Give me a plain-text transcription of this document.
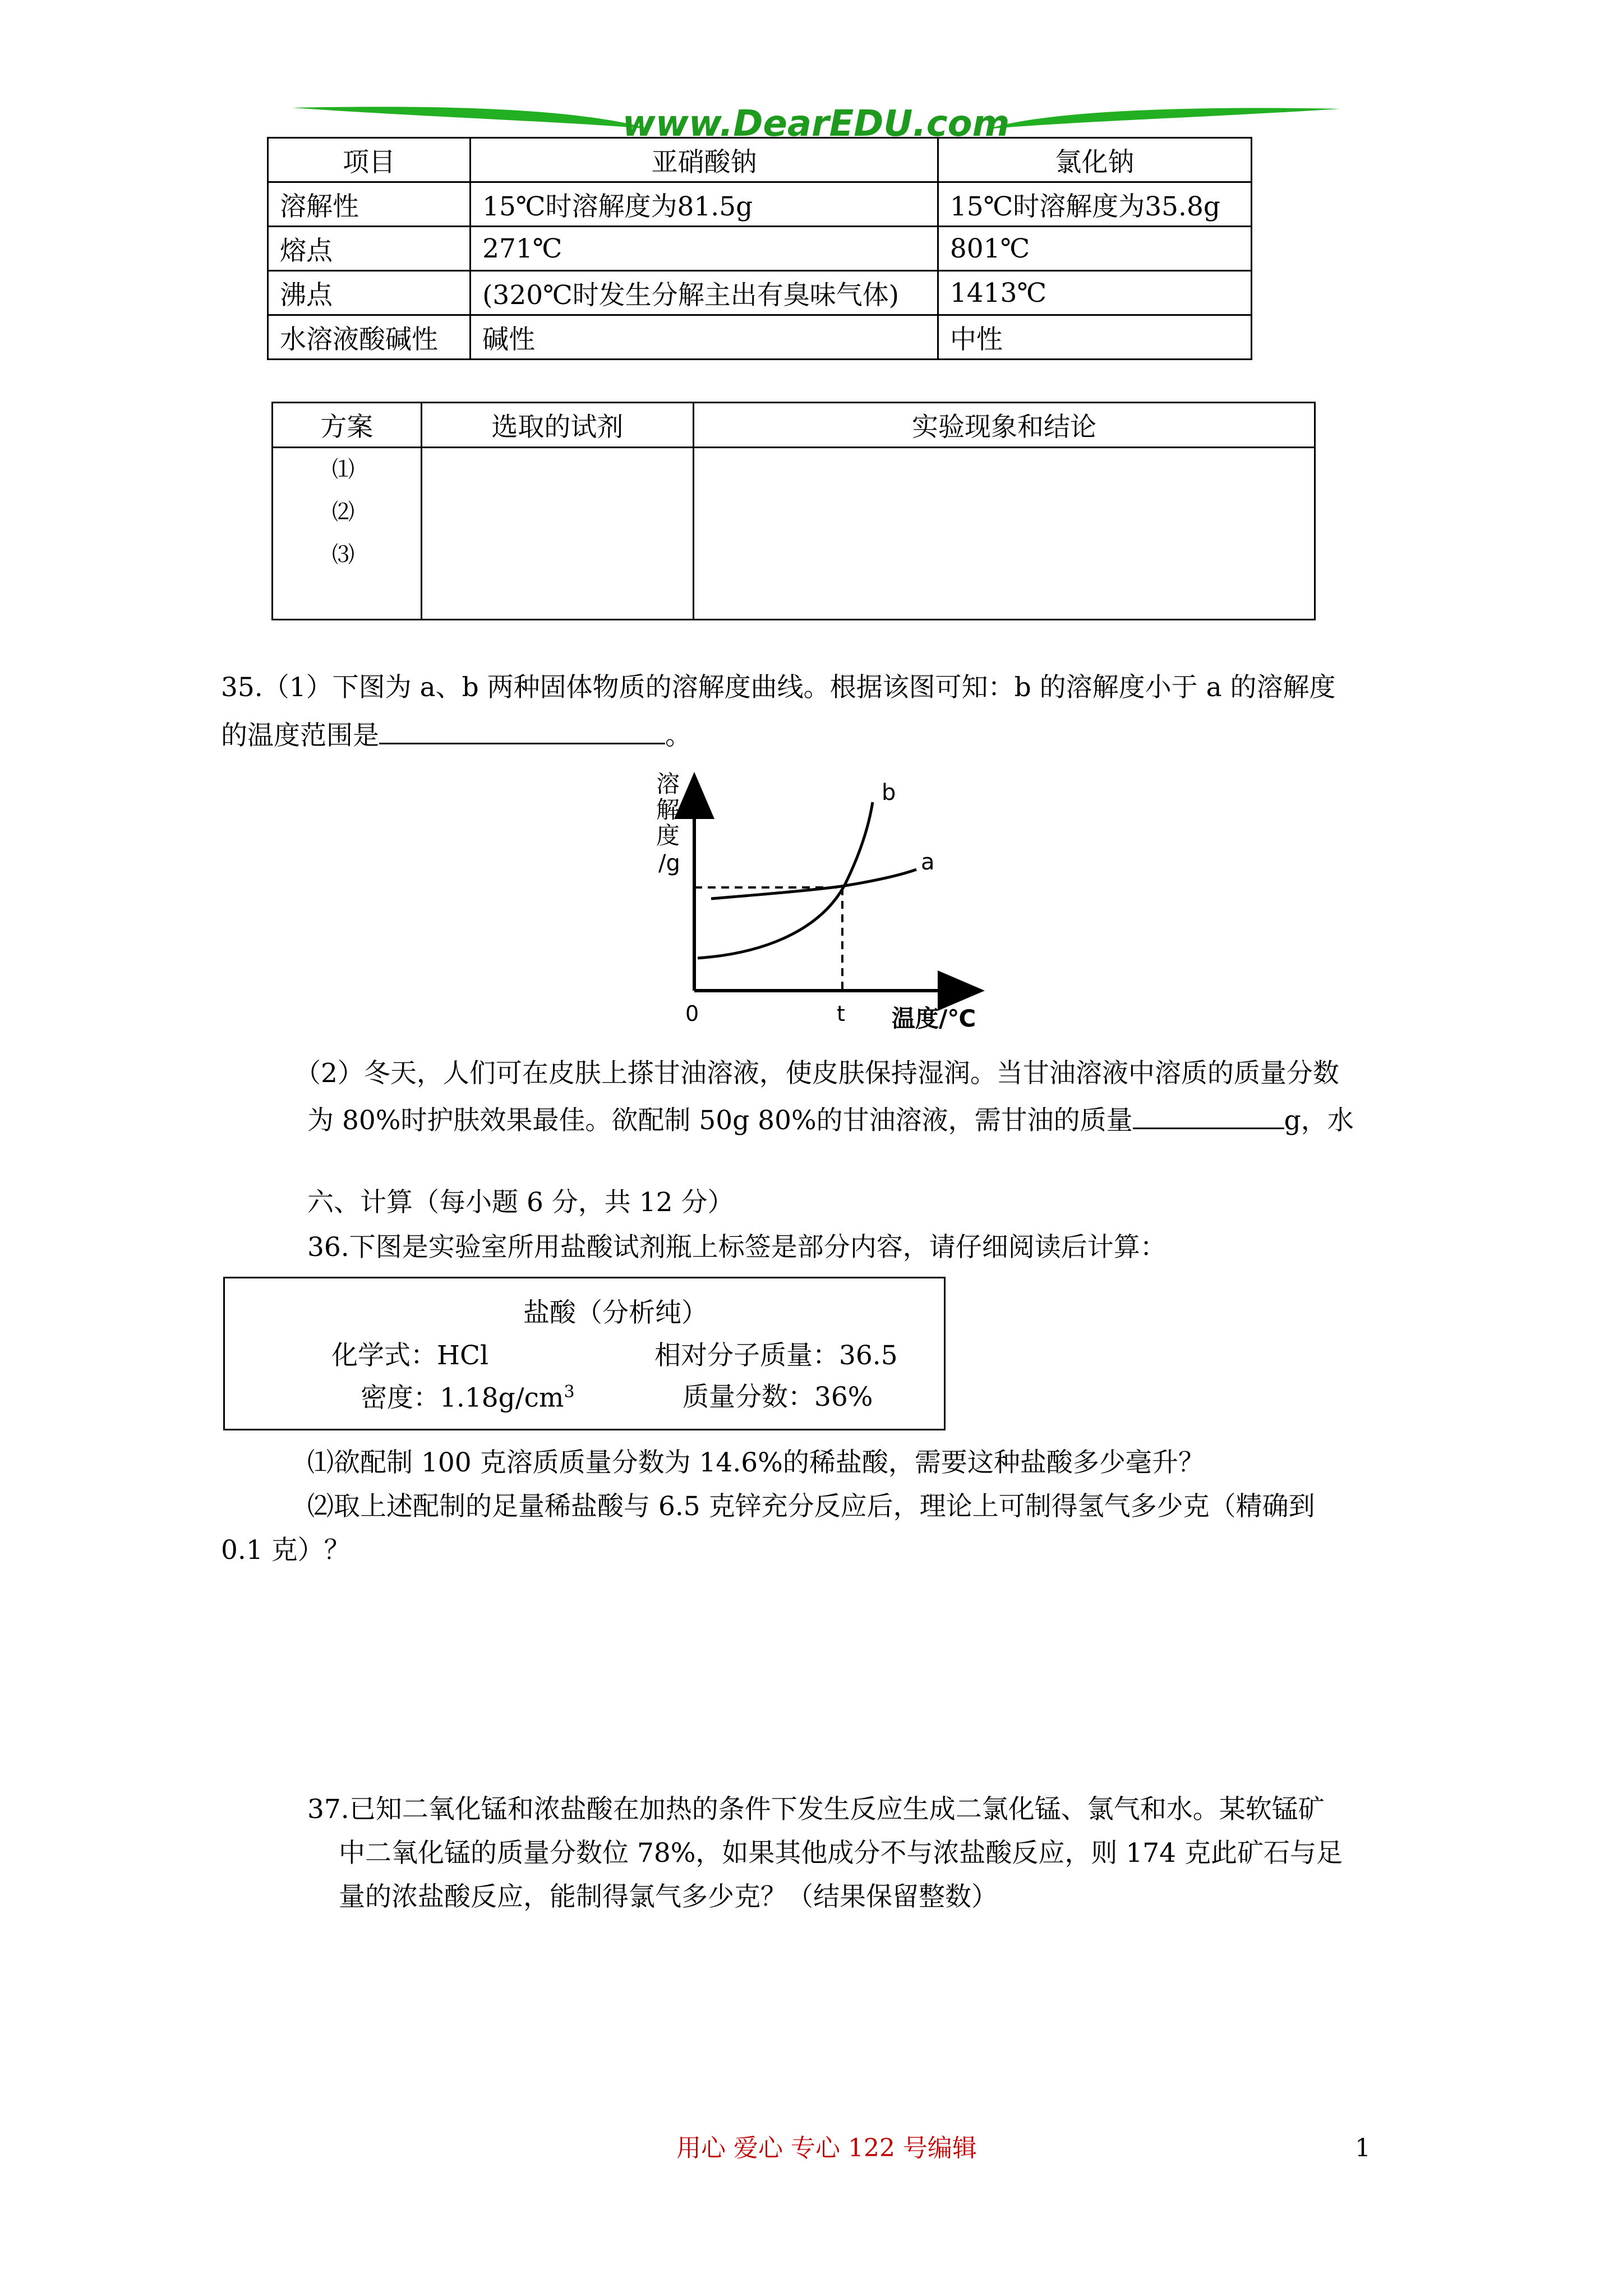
www.DearEDU.com
项目	亚硝酸钠	氯化钠
溶解性	15℃时溶解度为81.5g	15℃时溶解度为35.8g
熔点	271℃	801℃
沸点	(320℃时发生分解主出有臭味气体)	1413℃
水溶液酸碱性	碱性	中性
方案	选取的试剂	实验现象和结论

⑴
⑵
⑶		

35.（1）下图为 a、b 两种固体物质的溶解度曲线。根据该图可知：b 的溶解度小于 a 的溶解度
的温度范围是	。
溶
解
度
/g
0	t 温度/℃
a
b
（2）冬天，人们可在皮肤上搽甘油溶液，使皮肤保持湿润。当甘油溶液中溶质的质量分数
为 80%时护肤效果最佳。欲配制 50g 80%的甘油溶液，需甘油的质量	g，水
六、计算（每小题 6 分，共 12 分）
36.下图是实验室所用盐酸试剂瓶上标签是部分内容，请仔细阅读后计算：
盐酸（分析纯）
化学式：HCl	相对分子质量：36.5
密度：$1.18g/cm^3$	质量分数：36%
⑴欲配制 100 克溶质质量分数为 14.6%的稀盐酸，需要这种盐酸多少毫升？
⑵取上述配制的足量稀盐酸与 6.5 克锌充分反应后，理论上可制得氢气多少克（精确到
0.1 克）？
37.已知二氧化锰和浓盐酸在加热的条件下发生反应生成二氯化锰、氯气和水。某软锰矿
中二氧化锰的质量分数位 78%，如果其他成分不与浓盐酸反应，则 174 克此矿石与足
量的浓盐酸反应，能制得氯气多少克？（结果保留整数）
用心 爱心 专心 122 号编辑	1
